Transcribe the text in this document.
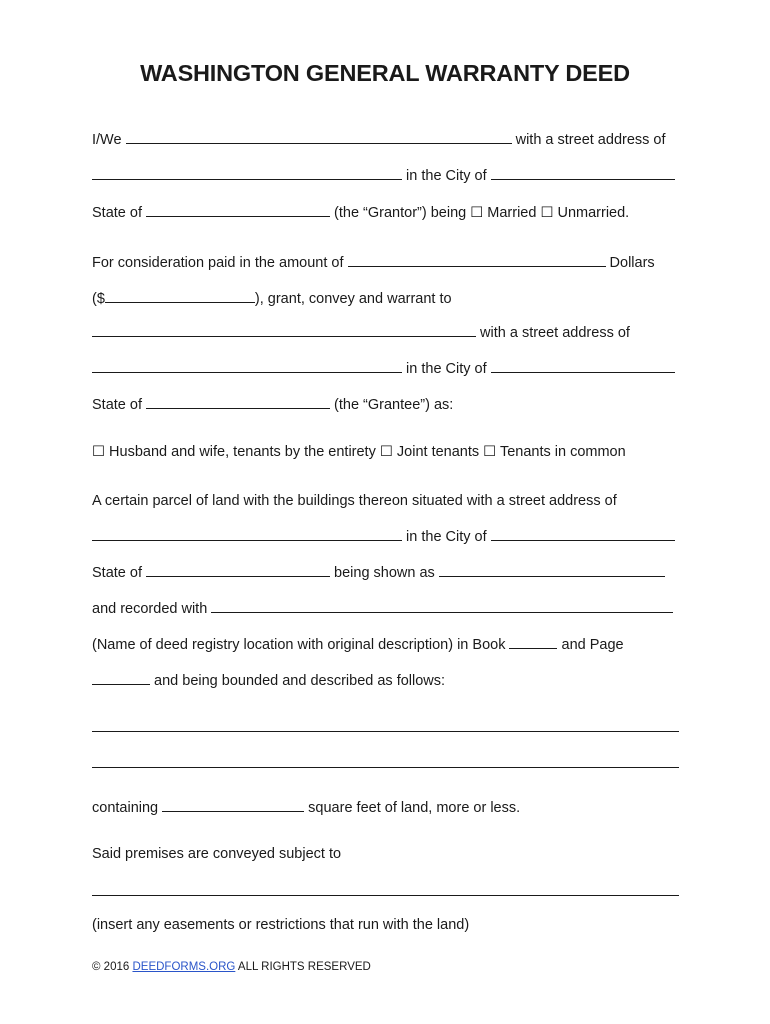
WASHINGTON GENERAL WARRANTY DEED
I/We	with a street address of
in the City of
State of	(the “Grantor”) being ☐ Married ☐ Unmarried.
For consideration paid in the amount of	Dollars
($	), grant, convey and warrant to
with a street address of
in the City of
State of	(the “Grantee”) as:
☐ Husband and wife, tenants by the entirety ☐ Joint tenants ☐ Tenants in common
A certain parcel of land with the buildings thereon situated with a street address of
in the City of
State of	being shown as
and recorded with
(Name of deed registry location with original description) in Book	and Page
and being bounded and described as follows:
containing	square feet of land, more or less.
Said premises are conveyed subject to
(insert any easements or restrictions that run with the land)
© 2016 DEEDFORMS.ORG ALL RIGHTS RESERVED
